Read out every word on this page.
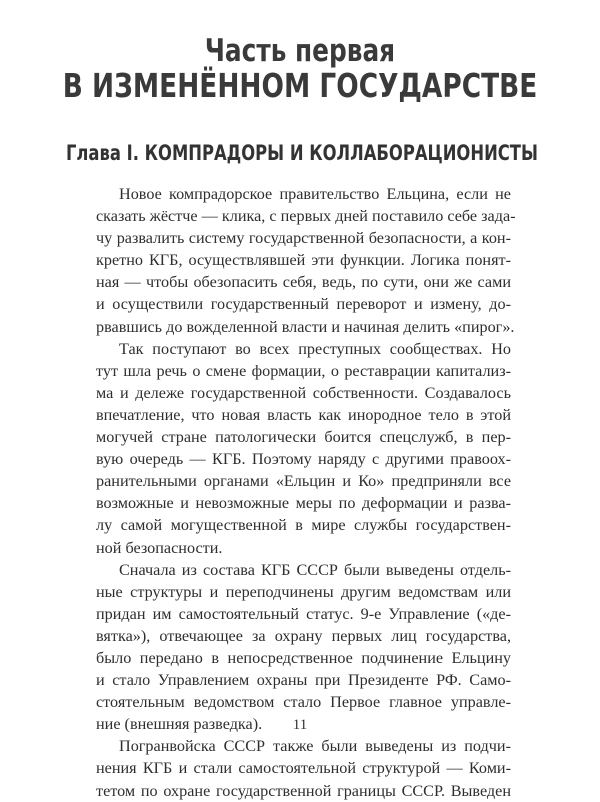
Часть первая
В ИЗМЕНЁННОМ ГОСУДАРСТВЕ
Глава I. КОМПРАДОРЫ И КОЛЛАБОРАЦИОНИСТЫ
Новое компрадорское правительство Ельцина, если не
сказать жёстче — клика, с первых дней поставило себе зада-
чу развалить систему государственной безопасности, а кон-
кретно КГБ, осуществлявшей эти функции. Логика понят-
ная — чтобы обезопасить себя, ведь, по сути, они же сами
и осуществили государственный переворот и измену, до-
рвавшись до вожделенной власти и начиная делить «пирог».
Так поступают во всех преступных сообществах. Но
тут шла речь о смене формации, о реставрации капитализ-
ма и дележе государственной собственности. Создавалось
впечатление, что новая власть как инородное тело в этой
могучей стране патологически боится спецслужб, в пер-
вую очередь — КГБ. Поэтому наряду с другими правоох-
ранительными органами «Ельцин и Ко» предприняли все
возможные и невозможные меры по деформации и разва-
лу самой могущественной в мире службы государствен-
ной безопасности.
Сначала из состава КГБ СССР были выведены отдель-
ные структуры и переподчинены другим ведомствам или
придан им самостоятельный статус. 9-е Управление («де-
вятка»), отвечающее за охрану первых лиц государства,
было передано в непосредственное подчинение Ельцину
и стало Управлением охраны при Президенте РФ. Само-
стоятельным ведомством стало Первое главное управле-
ние (внешняя разведка).
Погранвойска СССР также были выведены из подчи-
нения КГБ и стали самостоятельной структурой — Коми-
тетом по охране государственной границы СССР. Выведен
11
